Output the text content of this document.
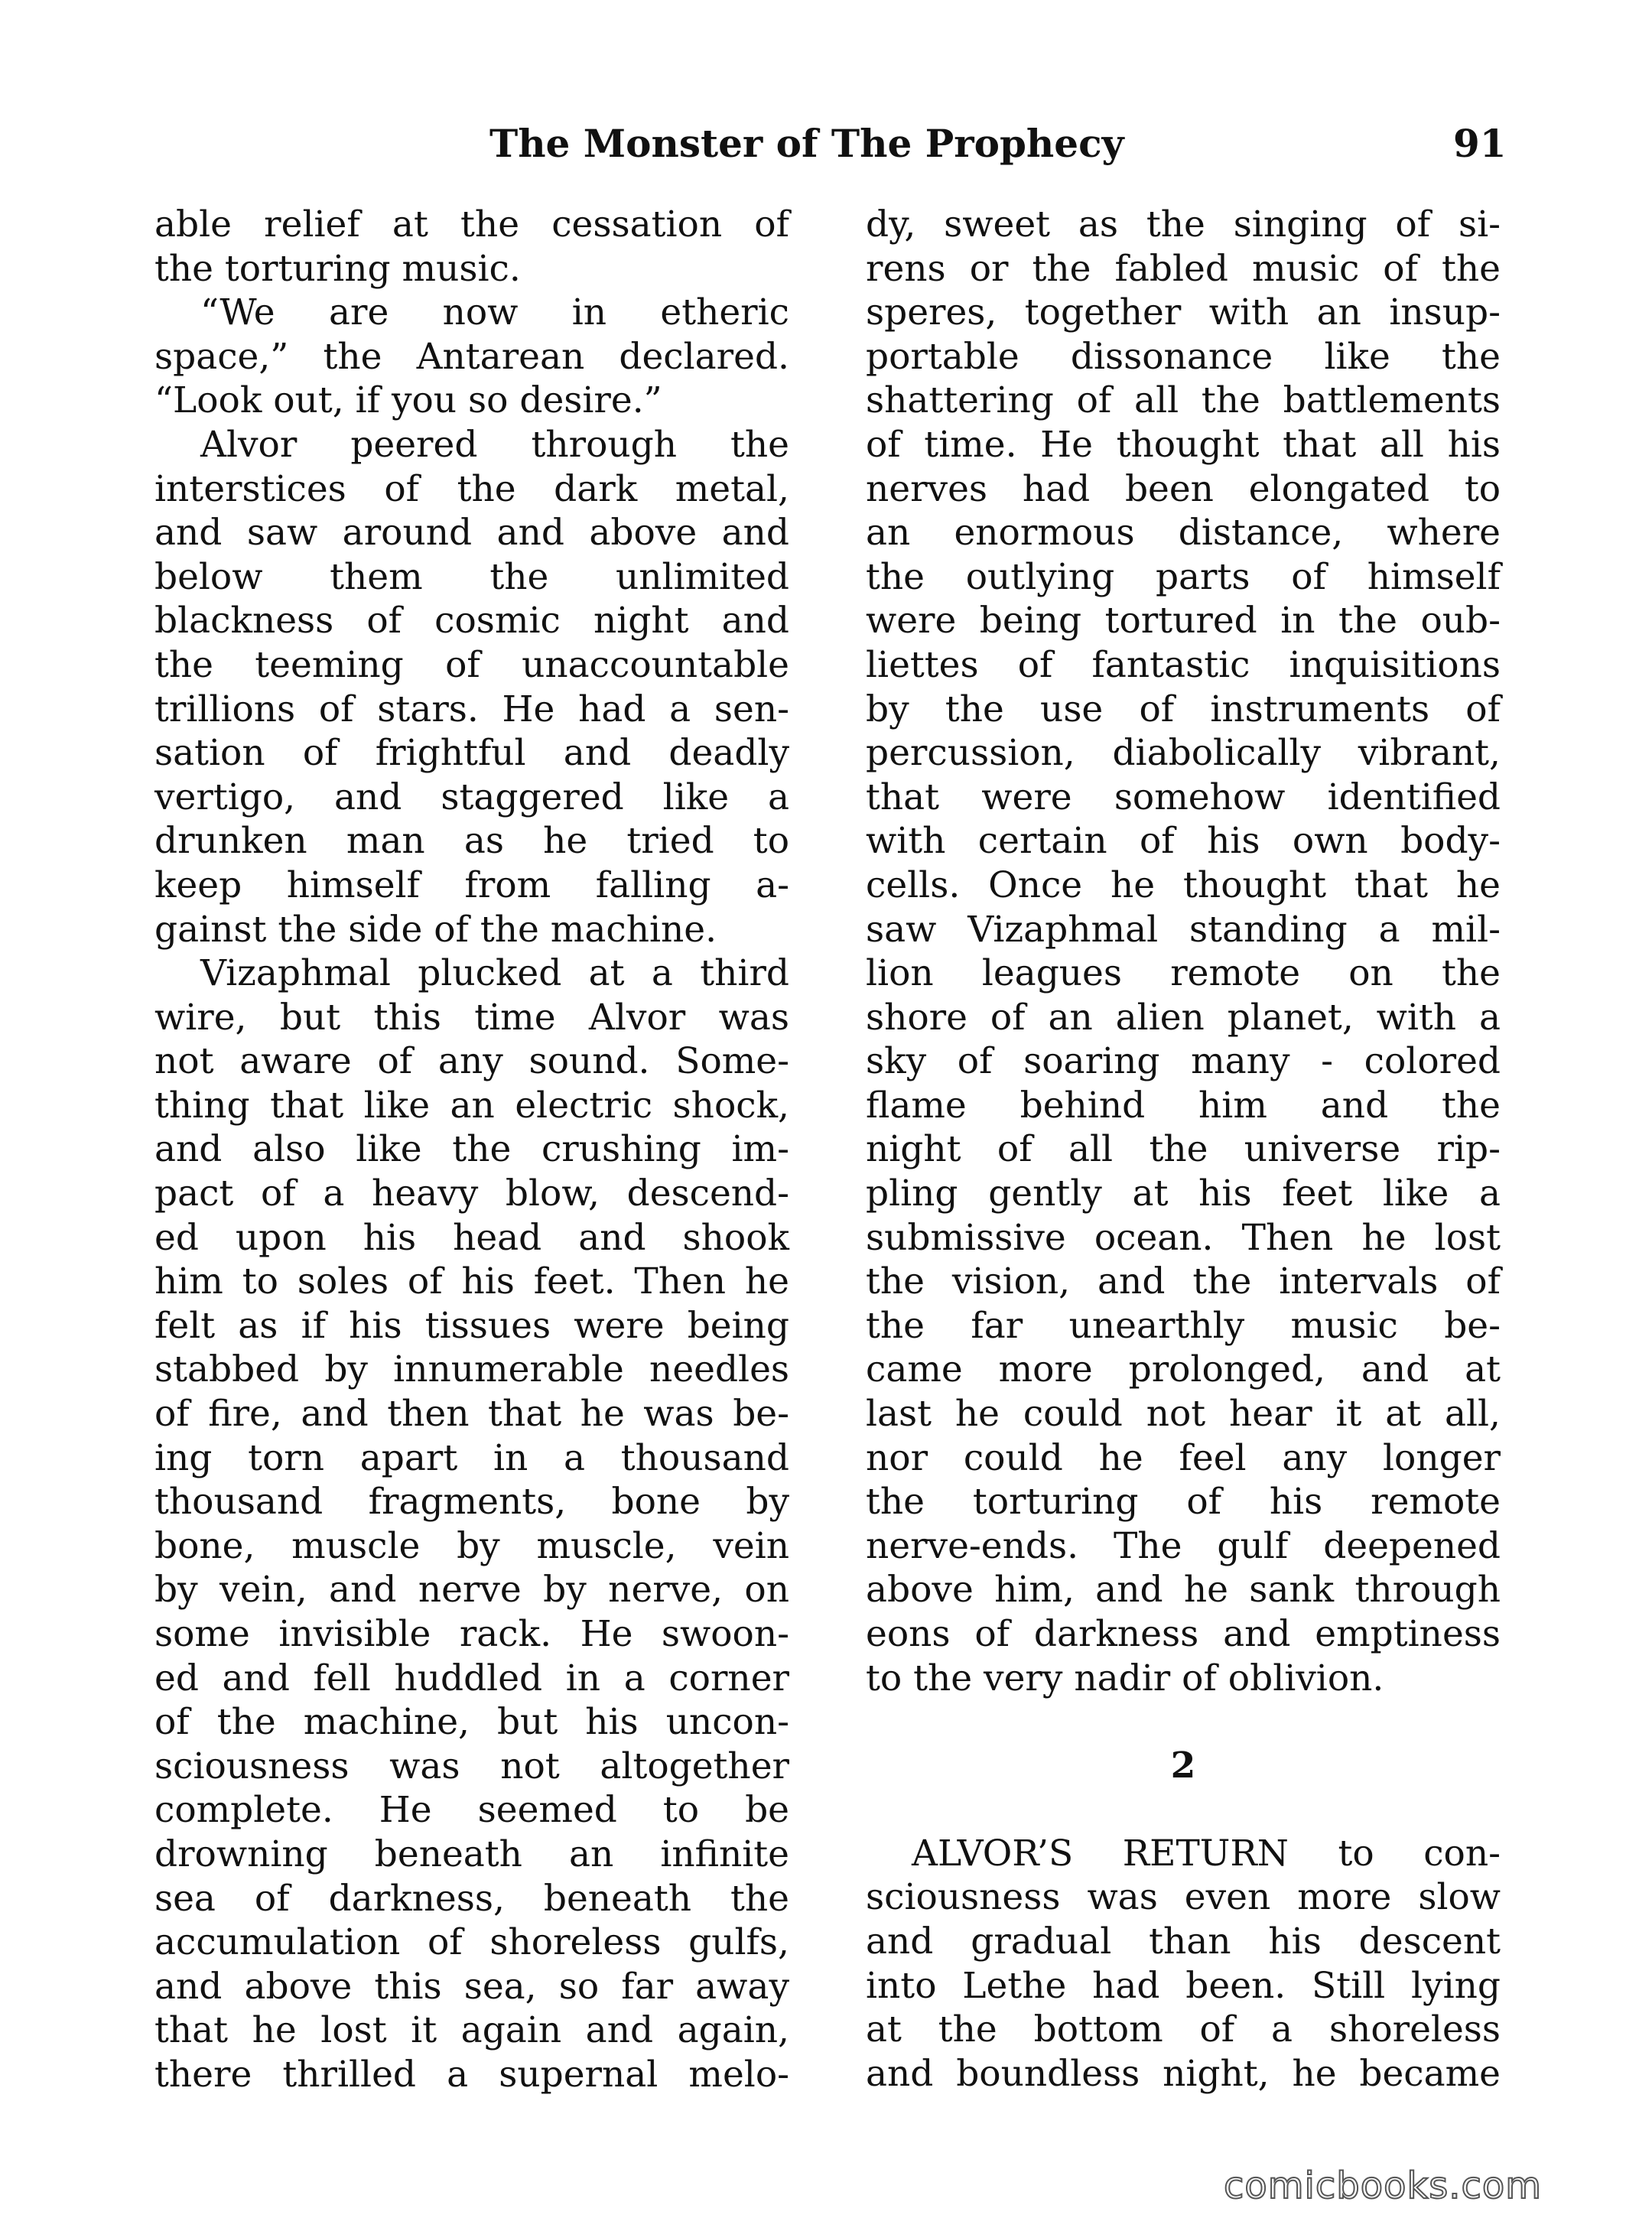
The Monster of The Prophecy	91
able relief at the cessation of
the torturing music.
“We are now in etheric
space,” the Antarean declared.
“Look out, if you so desire.”
Alvor peered through the
interstices of the dark metal,
and saw around and above and
below them the unlimited
blackness of cosmic night and
the teeming of unaccountable
trillions of stars. He had a sen-
sation of frightful and deadly
vertigo, and staggered like a
drunken man as he tried to
keep himself from falling a-
gainst the side of the machine.
Vizaphmal plucked at a third
wire, but this time Alvor was
not aware of any sound. Some-
thing that like an electric shock,
and also like the crushing im-
pact of a heavy blow, descend-
ed upon his head and shook
him to soles of his feet. Then he
felt as if his tissues were being
stabbed by innumerable needles
of fire, and then that he was be-
ing torn apart in a thousand
thousand fragments, bone by
bone, muscle by muscle, vein
by vein, and nerve by nerve, on
some invisible rack. He swoon-
ed and fell huddled in a corner
of the machine, but his uncon-
sciousness was not altogether
complete. He seemed to be
drowning beneath an infinite
sea of darkness, beneath the
accumulation of shoreless gulfs,
and above this sea, so far away
that he lost it again and again,
there thrilled a supernal melo-
dy, sweet as the singing of si-
rens or the fabled music of the
speres, together with an insup-
portable dissonance like the
shattering of all the battlements
of time. He thought that all his
nerves had been elongated to
an enormous distance, where
the outlying parts of himself
were being tortured in the oub-
liettes of fantastic inquisitions
by the use of instruments of
percussion, diabolically vibrant,
that were somehow identified
with certain of his own body-
cells. Once he thought that he
saw Vizaphmal standing a mil-
lion leagues remote on the
shore of an alien planet, with a
sky of soaring many - colored
flame behind him and the
night of all the universe rip-
pling gently at his feet like a
submissive ocean. Then he lost
the vision, and the intervals of
the far unearthly music be-
came more prolonged, and at
last he could not hear it at all,
nor could he feel any longer
the torturing of his remote
nerve-ends. The gulf deepened
above him, and he sank through
eons of darkness and emptiness
to the very nadir of oblivion.
2
ALVOR’S RETURN to con-
sciousness was even more slow
and gradual than his descent
into Lethe had been. Still lying
at the bottom of a shoreless
and boundless night, he became
comicbooks.com
